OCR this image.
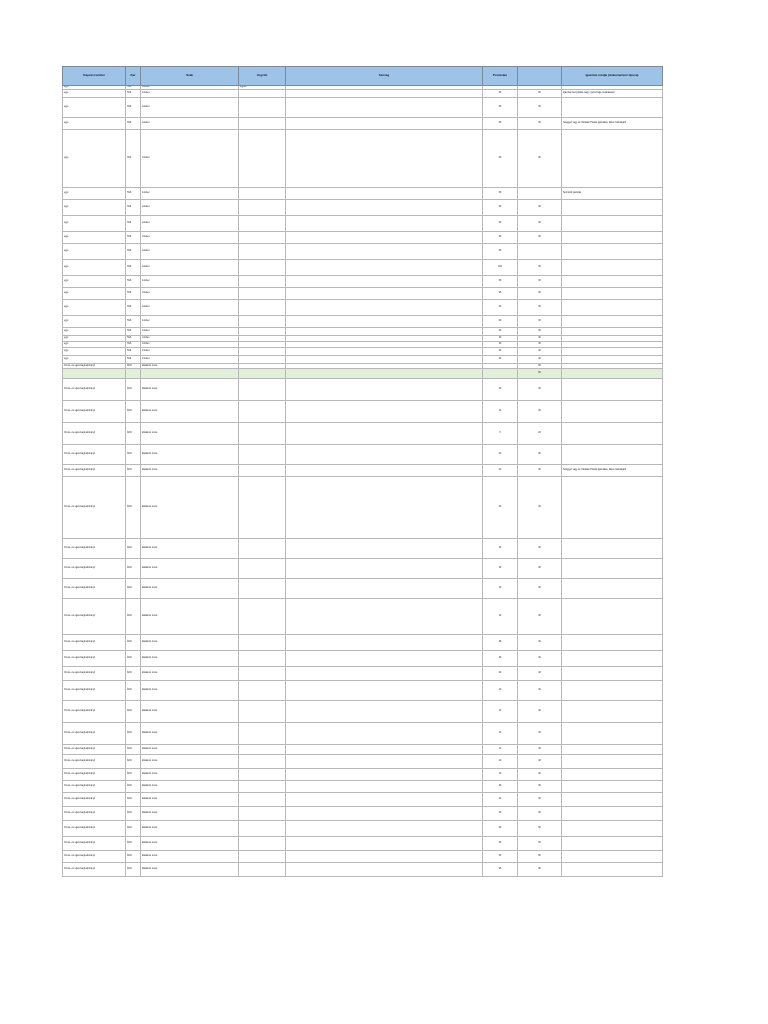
Képzési terület	Kar	Szak	Jogcím	Szöveg	Pontszám		Igazolás módja (dokumentum típusa)
egyi	TEK	minden	egyéb				
egyi	TEK	minden			50	50	Igazolás benyújtása nagy nyelvvizsga mutatásával
egyi	TEK	minden			50	30	
egyi	TEK	minden			50	30	Szaggyó vagy az Oktatási Hivatal igazolása, illetve hatóságtól
egyi	TEK	minden			50	30	
egyi	TEK	minden			50		Sportolói igazolás
egyi	TEK	minden			50	30	
egyi	TEK	minden			50	30	
egyi	TEK	minden			50	30	
egyi	TEK	minden			50		
egyi	TEK	minden			100	30	
egyi	TEK	minden			50	30	
egyi	TEK	minden			25	30	
egyi	TEK	minden			40	30	
egyi	TEK	minden			60	30	
egyi	TEK	minden			40	30	
egyi	TEK	minden			40	30	
egyi	TEK	minden			40	30	
egyi	TEK	minden			20	30	
egyi	TEK	minden			20	30	
Orvos- és egészségtudományi	ÁOK	általános orvos				50	
						50	
Orvos- és egészségtudományi	ÁOK	általános orvos			20	20	
Orvos- és egészségtudományi	ÁOK	általános orvos			10	20	
Orvos- és egészségtudományi	ÁOK	általános orvos			5	20	
Orvos- és egészségtudományi	ÁOK	általános orvos			40	30	
Orvos- és egészségtudományi	ÁOK	általános orvos			40	30	Szaggyó vagy az Oktatási Hivatal igazolása, illetve hatóságtól
Orvos- és egészségtudományi	ÁOK	általános orvos			40	40	
Orvos- és egészségtudományi	ÁOK	általános orvos			30	30	
Orvos- és egészségtudományi	ÁOK	általános orvos			20	30	
Orvos- és egészségtudományi	ÁOK	általános orvos			10	30	
Orvos- és egészségtudományi	ÁOK	általános orvos			10	30	
Orvos- és egészségtudományi	ÁOK	általános orvos			28	40	
Orvos- és egészségtudományi	ÁOK	általános orvos			30	40	
Orvos- és egészségtudományi	ÁOK	általános orvos			20	40	
Orvos- és egészségtudományi	ÁOK	általános orvos			10	40	
Orvos- és egészségtudományi	ÁOK	általános orvos			10	40	
Orvos- és egészségtudományi	ÁOK	általános orvos			10	40	
Orvos- és egészségtudományi	ÁOK	általános orvos			10	40	
Orvos- és egészségtudományi	ÁOK	általános orvos			10	40	
Orvos- és egészségtudományi	ÁOK	általános orvos			10	40	
Orvos- és egészségtudományi	ÁOK	általános orvos			30	30	
Orvos- és egészségtudományi	ÁOK	általános orvos			20	30	
Orvos- és egészségtudományi	ÁOK	általános orvos			20	30	
Orvos- és egészségtudományi	ÁOK	általános orvos			50	50	
Orvos- és egészségtudományi	ÁOK	általános orvos			25	50	
Orvos- és egészségtudományi	ÁOK	általános orvos			50	50	
Orvos- és egészségtudományi	ÁOK	általános orvos			25	50	
